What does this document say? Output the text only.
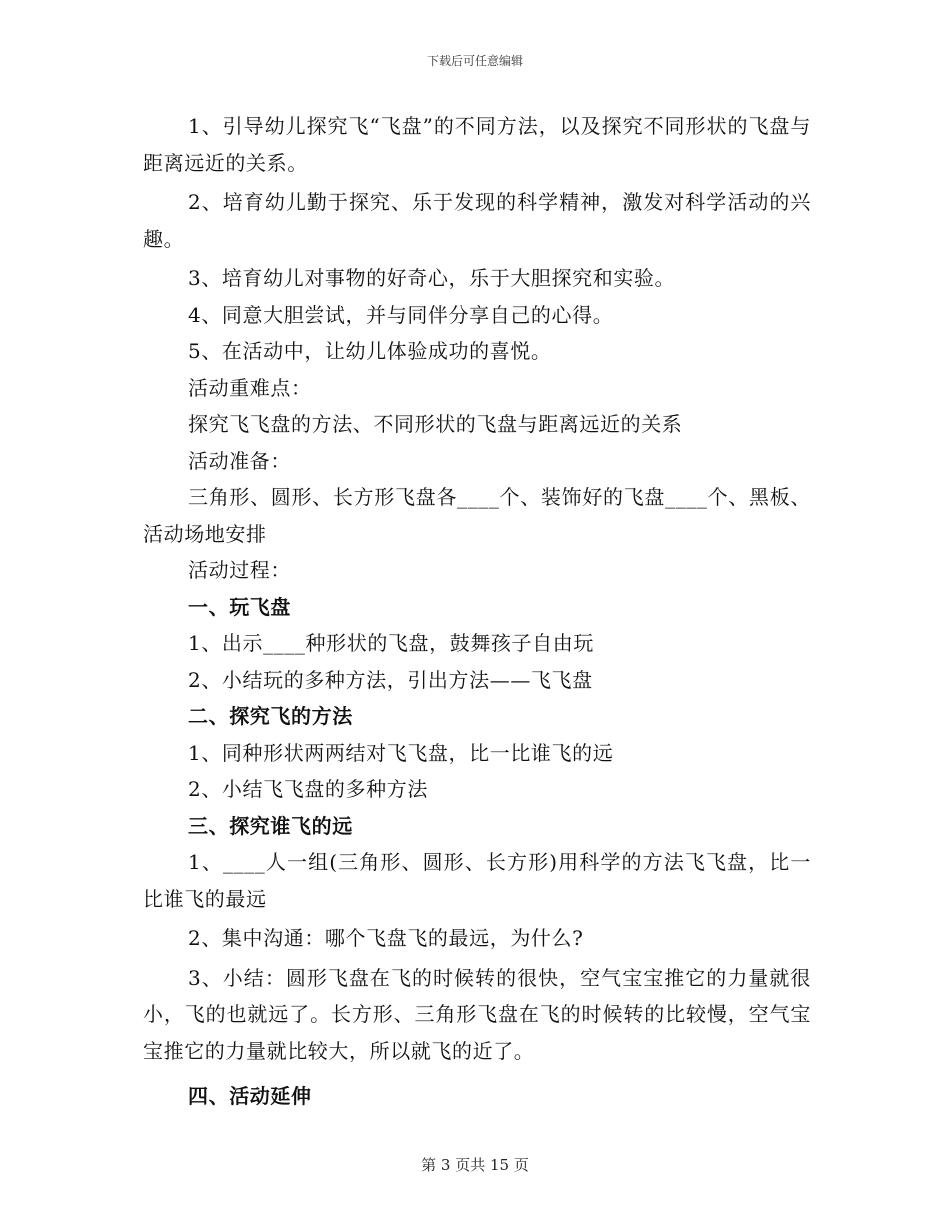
下载后可任意编辑

1、引导幼儿探究飞“飞盘”的不同方法，以及探究不同形状的飞盘与距离远近的关系。

2、培育幼儿勤于探究、乐于发现的科学精神，激发对科学活动的兴趣。

3、培育幼儿对事物的好奇心，乐于大胆探究和实验。

4、同意大胆尝试，并与同伴分享自己的心得。

5、在活动中，让幼儿体验成功的喜悦。

活动重难点：

探究飞飞盘的方法、不同形状的飞盘与距离远近的关系

活动准备：

三角形、圆形、长方形飞盘各____个、装饰好的飞盘____个、黑板、活动场地安排

活动过程：

一、玩飞盘

1、出示____种形状的飞盘，鼓舞孩子自由玩

2、小结玩的多种方法，引出方法——飞飞盘

二、探究飞的方法

1、同种形状两两结对飞飞盘，比一比谁飞的远

2、小结飞飞盘的多种方法

三、探究谁飞的远

1、____人一组(三角形、圆形、长方形)用科学的方法飞飞盘，比一比谁飞的最远

2、集中沟通：哪个飞盘飞的最远，为什么?

3、小结：圆形飞盘在飞的时候转的很快，空气宝宝推它的力量就很小，飞的也就远了。长方形、三角形飞盘在飞的时候转的比较慢，空气宝宝推它的力量就比较大，所以就飞的近了。

四、活动延伸

第 3 页共 15 页
